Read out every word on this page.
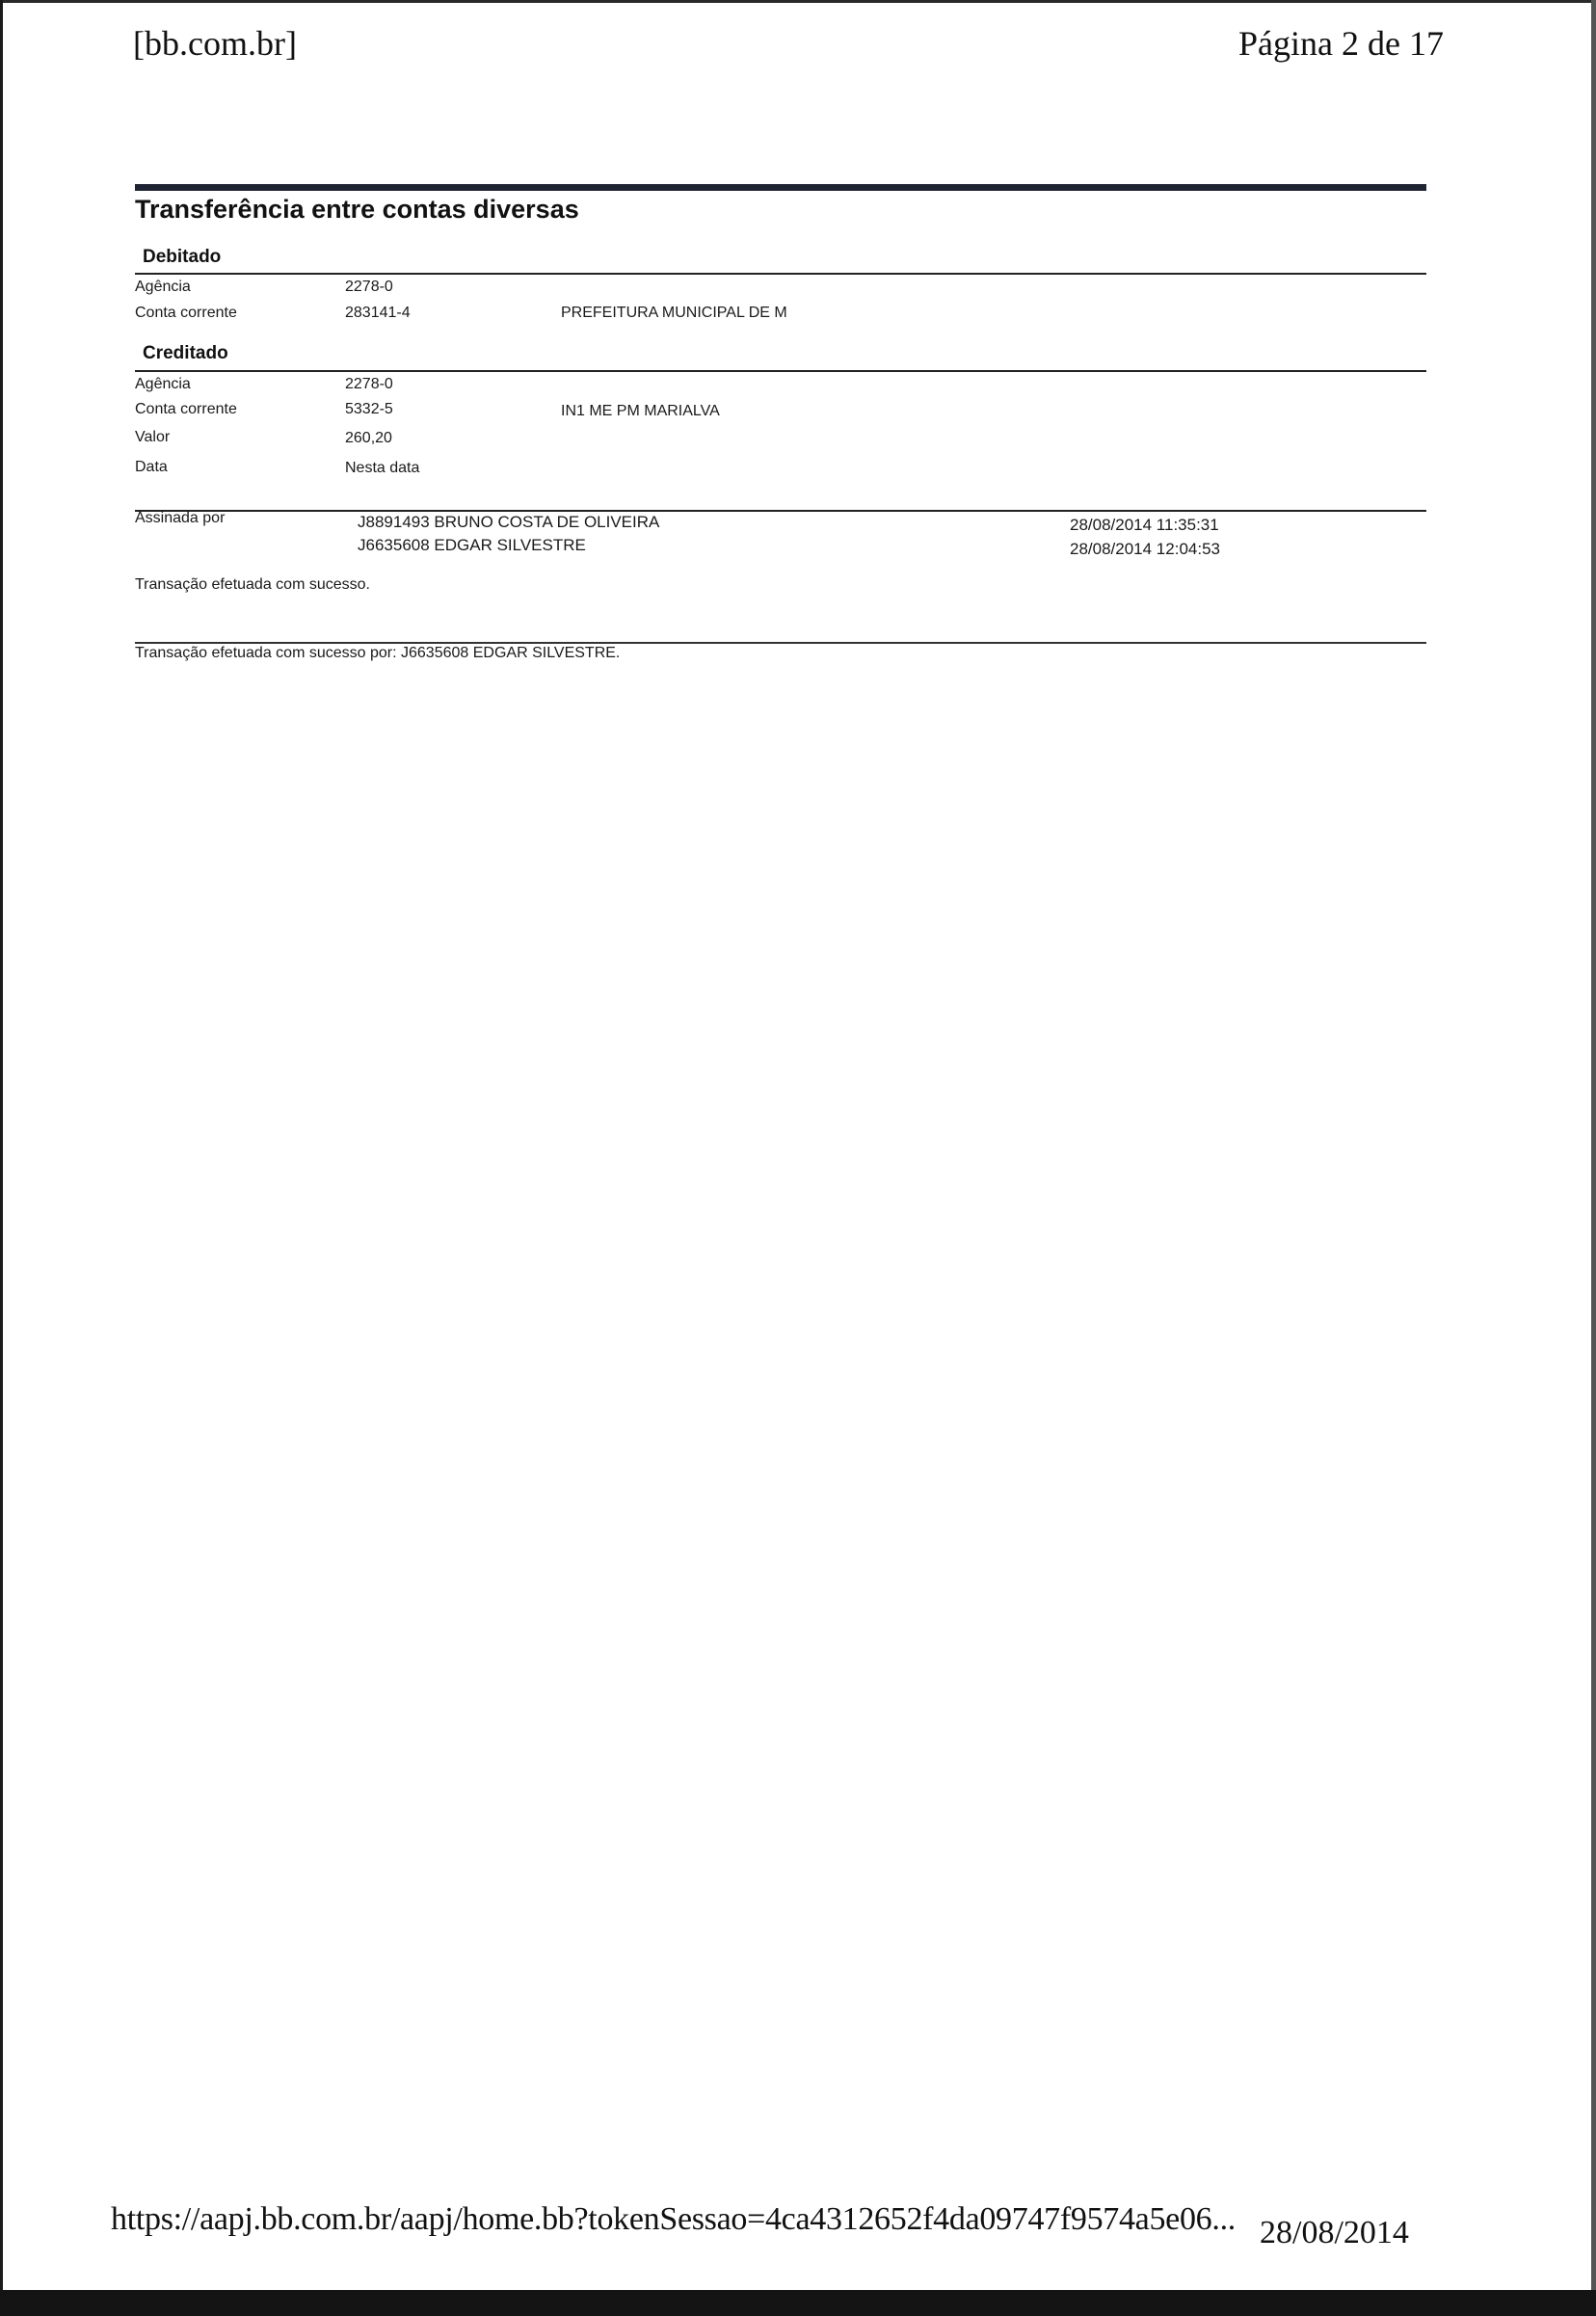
[bb.com.br]	Página 2 de 17
Transferência entre contas diversas
Debitado
Agência	2278-0
Conta corrente	283141-4	PREFEITURA MUNICIPAL DE M
Creditado
Agência	2278-0
Conta corrente	5332-5	IN1 ME PM MARIALVA
Valor	260,20
Data	Nesta data
Assinada por	J8891493 BRUNO COSTA DE OLIVEIRA	28/08/2014 11:35:31
J6635608 EDGAR SILVESTRE	28/08/2014 12:04:53
Transação efetuada com sucesso.
Transação efetuada com sucesso por: J6635608 EDGAR SILVESTRE.
https://aapj.bb.com.br/aapj/home.bb?tokenSessao=4ca4312652f4da09747f9574a5e06... 28/08/2014
